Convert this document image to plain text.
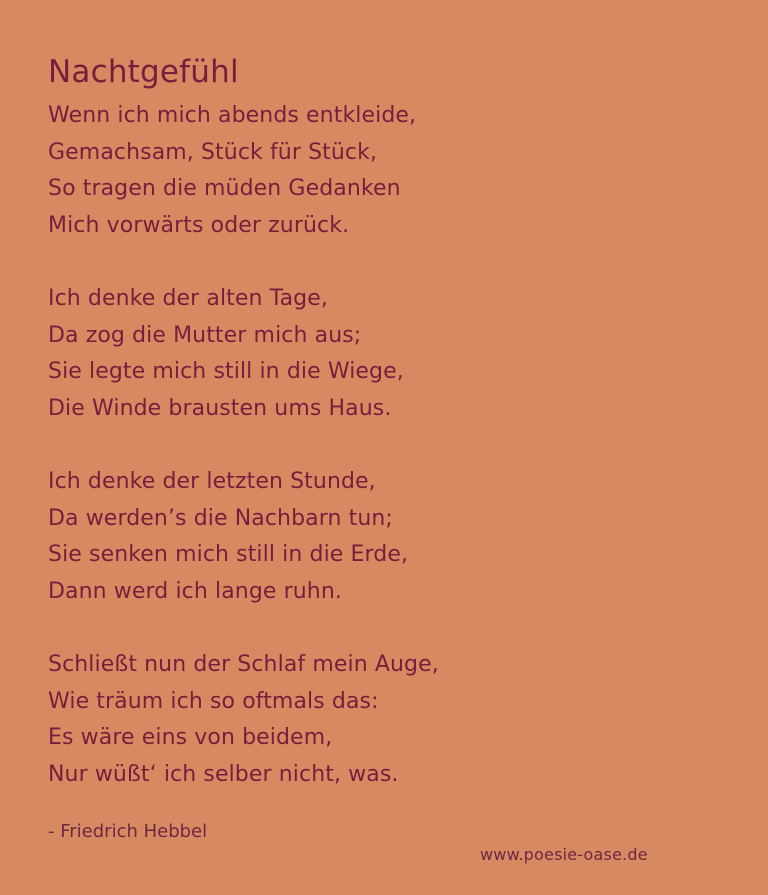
Nachtgefühl
Wenn ich mich abends entkleide,
Gemachsam, Stück für Stück,
So tragen die müden Gedanken
Mich vorwärts oder zurück.
Ich denke der alten Tage,
Da zog die Mutter mich aus;
Sie legte mich still in die Wiege,
Die Winde brausten ums Haus.
Ich denke der letzten Stunde,
Da werden’s die Nachbarn tun;
Sie senken mich still in die Erde,
Dann werd ich lange ruhn.
Schließt nun der Schlaf mein Auge,
Wie träum ich so oftmals das:
Es wäre eins von beidem,
Nur wüßt‘ ich selber nicht, was.
- Friedrich Hebbel
www.poesie-oase.de
